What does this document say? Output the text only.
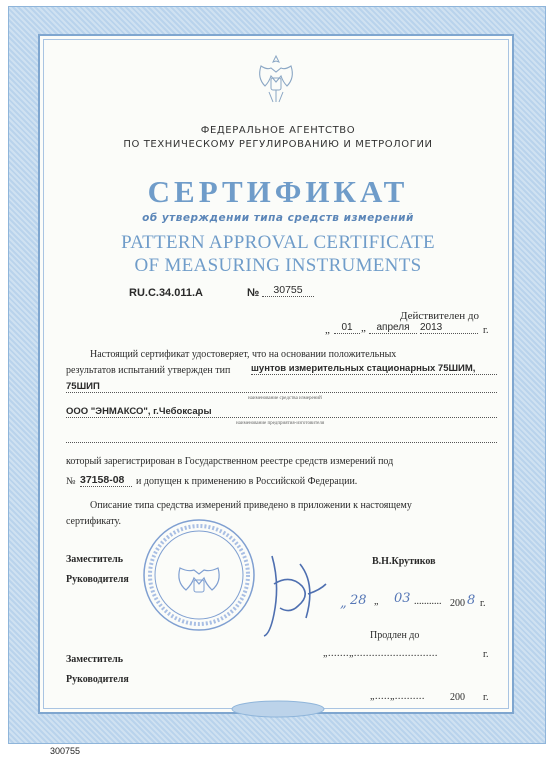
ФЕДЕРАЛЬНОЕ АГЕНТСТВО
ПО ТЕХНИЧЕСКОМУ РЕГУЛИРОВАНИЮ И МЕТРОЛОГИИ
СЕРТИФИКАТ
об утверждении типа средств измерений
PATTERN APPROVAL CERTIFICATE
OF MEASURING INSTRUMENTS
RU.C.34.011.A	№	30755
Действителен до
„	01 „	апреля	2013	г.
Настоящий сертификат удостоверяет, что на основании положительных
результатов испытаний утвержден тип шунтов измерительных стационарных 75ШИМ,
75ШИП
наименование средства измерений
ООО "ЭНМАКСО", г.Чебоксары
наименование предприятия-изготовителя
который зарегистрирован в Государственном реестре средств измерений под
№ 37158-08	и допущен к применению в Российской Федерации.
Описание типа средства измерений приведено в приложении к настоящему
сертификату.
Заместитель
Руководителя
В.Н.Крутиков
„ 28 „ 03 ........... 200 8 г.
Продлен до
„.......„............................	г.
Заместитель
Руководителя
„.....„..........	200 г.
300755
